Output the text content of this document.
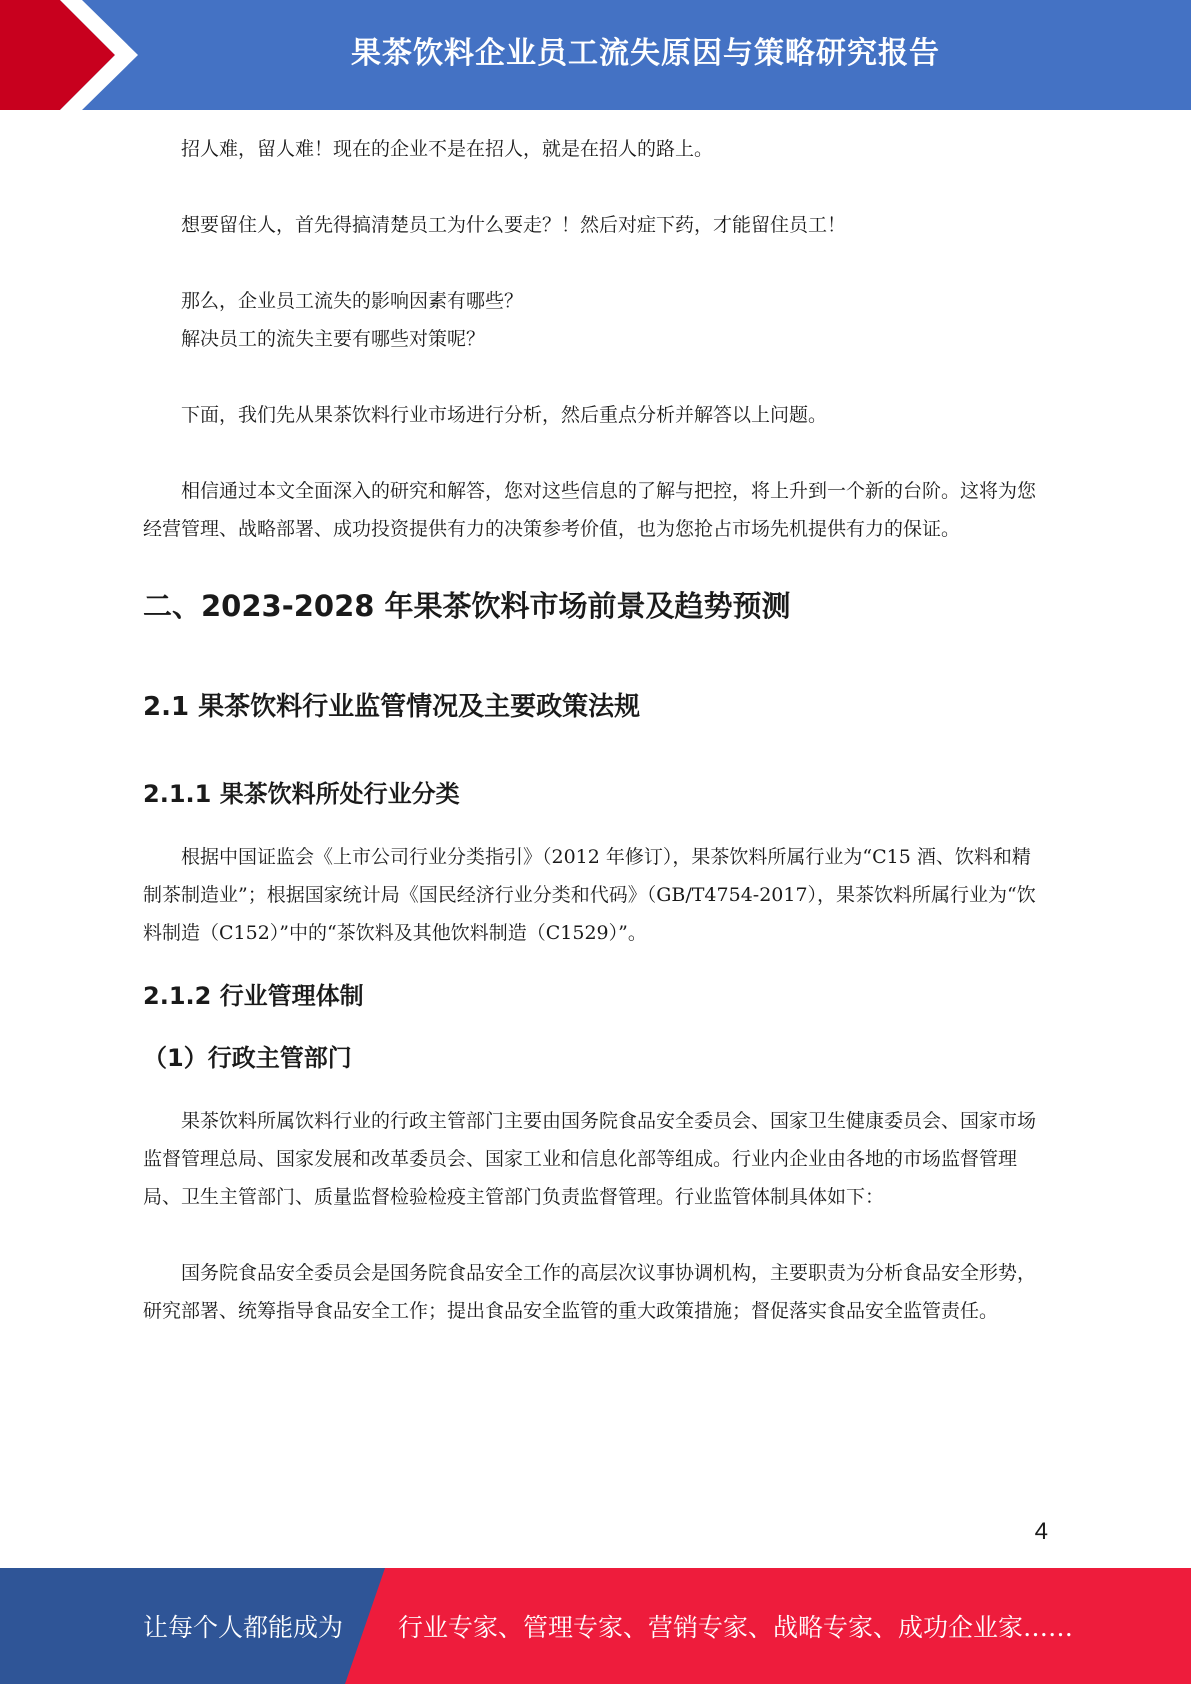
果茶饮料企业员工流失原因与策略研究报告

招人难，留人难！现在的企业不是在招人，就是在招人的路上。

想要留住人，首先得搞清楚员工为什么要走？！然后对症下药，才能留住员工！

那么，企业员工流失的影响因素有哪些？

解决员工的流失主要有哪些对策呢？

下面，我们先从果茶饮料行业市场进行分析，然后重点分析并解答以上问题。

相信通过本文全面深入的研究和解答，您对这些信息的了解与把控，将上升到一个新的台阶。这将为您经营管理、战略部署、成功投资提供有力的决策参考价值，也为您抢占市场先机提供有力的保证。

二、2023-2028 年果茶饮料市场前景及趋势预测
2.1 果茶饮料行业监管情况及主要政策法规
2.1.1 果茶饮料所处行业分类

根据中国证监会《上市公司行业分类指引》（2012 年修订），果茶饮料所属行业为“C15 酒、饮料和精制茶制造业”；根据国家统计局《国民经济行业分类和代码》（GB/T4754-2017），果茶饮料所属行业为“饮料制造（C152）”中的“茶饮料及其他饮料制造（C1529）”。

2.1.2 行业管理体制
（1）行政主管部门

果茶饮料所属饮料行业的行政主管部门主要由国务院食品安全委员会、国家卫生健康委员会、国家市场监督管理总局、国家发展和改革委员会、国家工业和信息化部等组成。行业内企业由各地的市场监督管理局、卫生主管部门、质量监督检验检疫主管部门负责监督管理。行业监管体制具体如下：

国务院食品安全委员会是国务院食品安全工作的高层次议事协调机构，主要职责为分析食品安全形势，研究部署、统筹指导食品安全工作；提出食品安全监管的重大政策措施；督促落实食品安全监管责任。

4
让每个人都能成为 行业专家、管理专家、营销专家、战略专家、成功企业家……
